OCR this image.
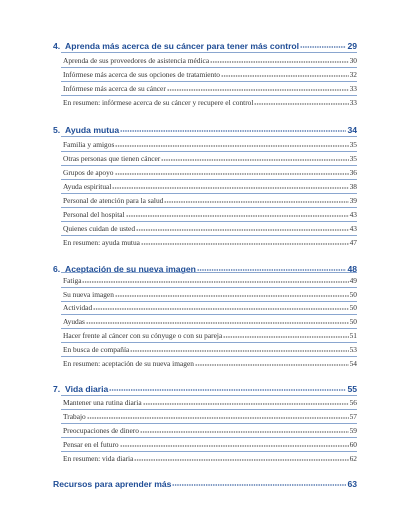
4. Aprenda más acerca de su cáncer para tener más control	29
Aprenda de sus proveedores de asistencia médica	30
Infórmese más acerca de sus opciones de tratamiento	32
Infórmese más acerca de su cáncer	33
En resumen: infórmese acerca de su cáncer y recupere el control	33
5. Ayuda mutua	34
Familia y amigos	35
Otras personas que tienen cáncer	35
Grupos de apoyo	36
Ayuda espiritual	38
Personal de atención para la salud	39
Personal del hospital	43
Quienes cuidan de usted	43
En resumen: ayuda mutua	47
6. Aceptación de su nueva imagen	48
Fatiga	49
Su nueva imagen	50
Actividad	50
Ayudas	50
Hacer frente al cáncer con su cónyuge o con su pareja	51
En busca de compañía	53
En resumen: aceptación de su nueva imagen	54
7. Vida diaria	55
Mantener una rutina diaria	56
Trabajo	57
Preocupaciones de dinero	59
Pensar en el futuro	60
En resumen: vida diaria	62
Recursos para aprender más	63
